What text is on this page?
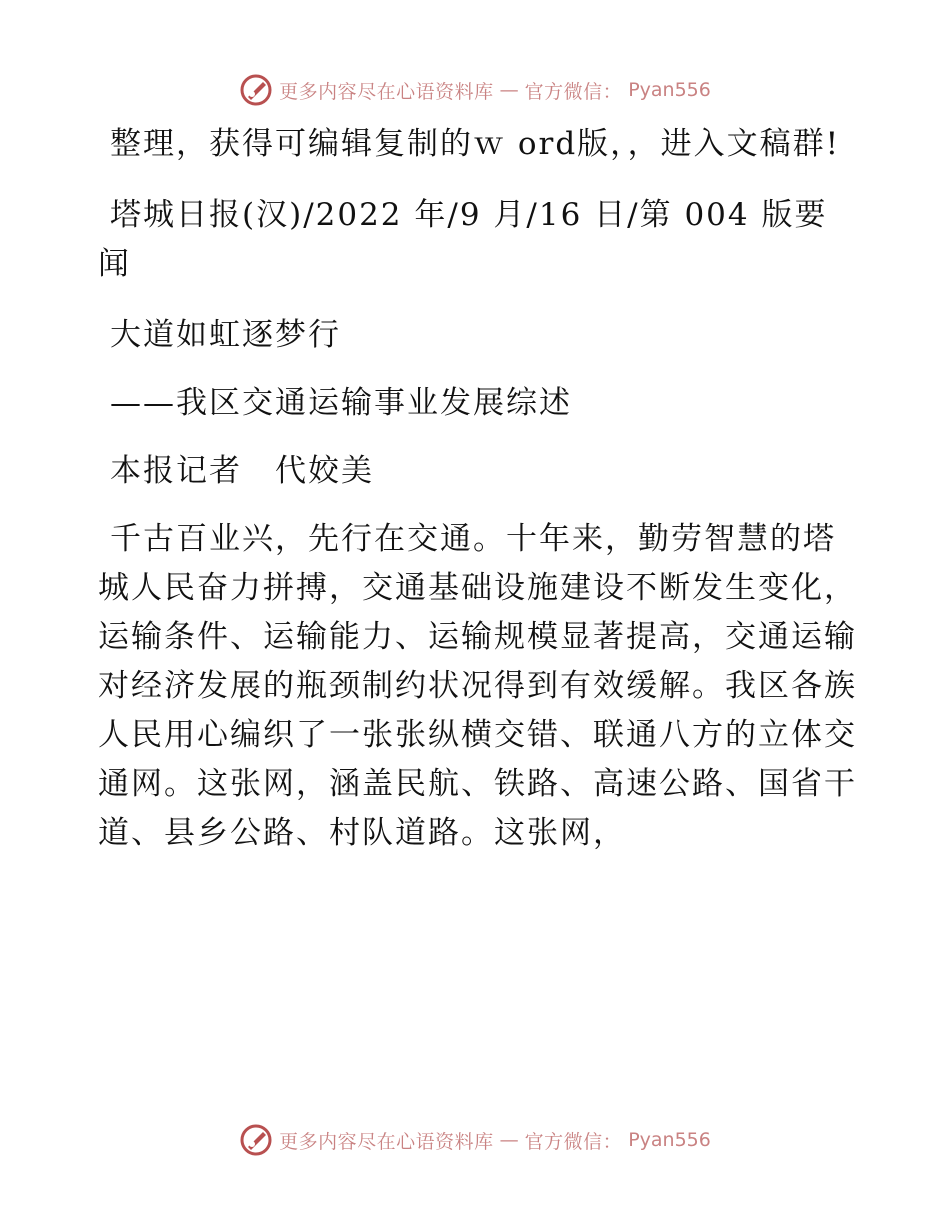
更多内容尽在心语资料库 — 官方微信： Pyan556

整理，获得可编辑复制的ｗ ord版，，进入文稿群!

塔城日报(汉)/2022 年/9 月/16 日/第 004 版要闻

大道如虹逐梦行

——我区交通运输事业发展综述

本报记者　代姣美

千古百业兴，先行在交通。十年来，勤劳智慧的塔城人民奋力拼搏，交通基础设施建设不断发生变化，运输条件、运输能力、运输规模显著提高，交通运输对经济发展的瓶颈制约状况得到有效缓解。我区各族人民用心编织了一张张纵横交错、联通八方的立体交通网。这张网，涵盖民航、铁路、高速公路、国省干道、县乡公路、村队道路。这张网，

更多内容尽在心语资料库 — 官方微信： Pyan556
